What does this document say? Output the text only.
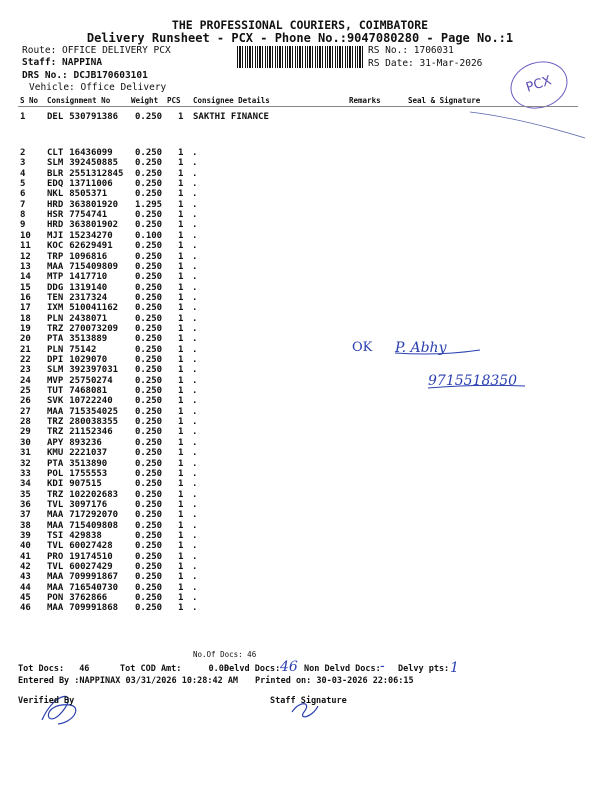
THE PROFESSIONAL COURIERS, COIMBATORE
Delivery Runsheet - PCX - Phone No.:9047080280 - Page No.:1
Route: OFFICE DELIVERY PCX
Staff: NAPPINA
DRS No.: DCJB170603101
Vehicle: Office Delivery
RS No.: 1706031
RS Date: 31-Mar-2026
PCX
S No Consignment No	Weight PCS Consignee Details	Remarks	Seal & Signature
1 DEL 530791386 0.250 1 SAKTHI FINANCE
2 CLT 16436099 0.250 1 .
3 SLM 392450885 0.250 1 .
4 BLR 2551312845 0.250 1 .
5 EDQ 13711006 0.250 1 .
6 NKL 8505371	0.250 1 .
7 HRD 363801920 1.295 1 .
8 HSR 7754741	0.250 1 .
9 HRD 363801902 0.250 1 .
10 MJI 15234270 0.100 1 .
11 KOC 62629491 0.250 1 .
12 TRP 1096816	0.250 1 .
13 MAA 715409809 0.250 1 .
14 MTP 1417710	0.250 1 .
15 DDG 1319140	0.250 1 .
16 TEN 2317324	0.250 1 .
17 IXM 510041162 0.250 1 .
18 PLN 2438071	0.250 1 .
19 TRZ 270073209 0.250 1 .
20 PTA 3513889	0.250 1 .
21 PLN 75142	0.250 1 .
22 DPI 1029070	0.250 1 .
23 SLM 392397031 0.250 1 .
24 MVP 25750274 0.250 1 .
25 TUT 7468081	0.250 1 .
26 SVK 10722240 0.250 1 .
27 MAA 715354025 0.250 1 .
28 TRZ 280038355 0.250 1 .
29 TRZ 21152346 0.250 1 .
30 APY 893236	0.250 1 .
31 KMU 2221037	0.250 1 .
32 PTA 3513890	0.250 1 .
33 POL 1755553	0.250 1 .
34 KDI 907515	0.250 1 .
35 TRZ 102202683 0.250 1 .
36 TVL 3097176	0.250 1 .
37 MAA 717292070 0.250 1 .
38 MAA 715409808 0.250 1 .
39 TSI 429838	0.250 1 .
40 TVL 60027428 0.250 1 .
41 PRO 19174510 0.250 1 .
42 TVL 60027429 0.250 1 .
43 MAA 709991867 0.250 1 .
44 MAA 716540730 0.250 1 .
45 PON 3762866	0.250 1 .
46 MAA 709991868 0.250 1 .
No.Of Docs: 46
OK P. Abhy
9715518350
Tot Docs: 46	Tot COD Amt:	0.00
Delvd Docs: 46 Non Delvd Docs: - Delvy pts: 1
Entered By :NAPPINAX 03/31/2026 10:28:42 AM Printed on: 30-03-2026 22:06:15
Verified By	Staff Signature
